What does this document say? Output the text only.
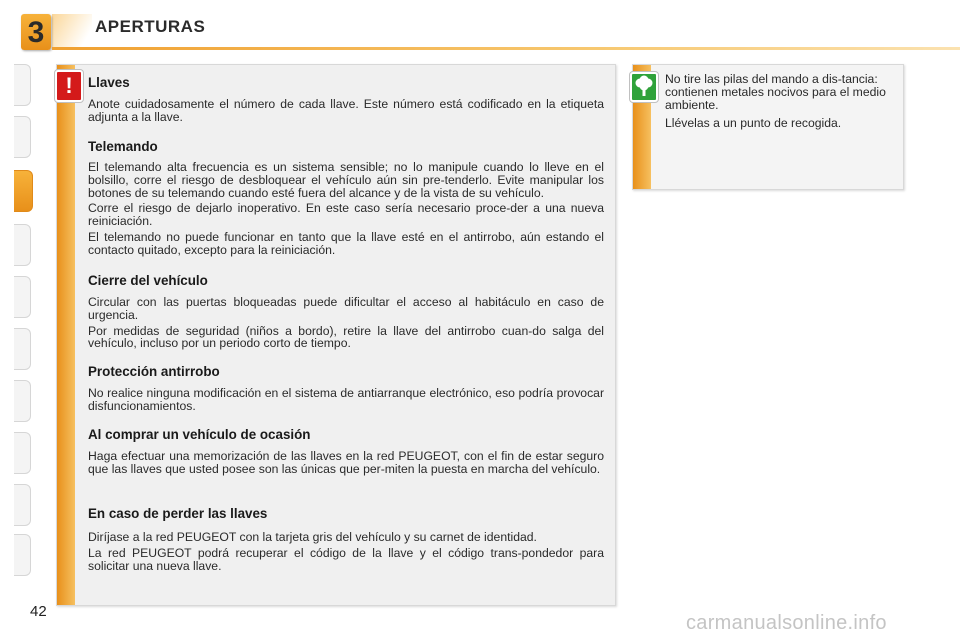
3	APERTURAS
!	Llaves

Anote cuidadosamente el número de cada llave. Este número está codificado en la etiqueta adjunta a la llave.

Telemando

El telemando alta frecuencia es un sistema sensible; no lo manipule cuando lo lleve en el bolsillo, corre el riesgo de desbloquear el vehículo aún sin pre-tenderlo. Evite manipular los botones de su telemando cuando esté fuera del alcance y de la vista de su vehículo.

Corre el riesgo de dejarlo inoperativo. En este caso sería necesario proce-der a una nueva reiniciación.

El telemando no puede funcionar en tanto que la llave esté en el antirrobo, aún estando el contacto quitado, excepto para la reiniciación.

Cierre del vehículo

Circular con las puertas bloqueadas puede dificultar el acceso al habitáculo en caso de urgencia.

Por medidas de seguridad (niños a bordo), retire la llave del antirrobo cuan-do salga del vehículo, incluso por un periodo corto de tiempo.

Protección antirrobo

No realice ninguna modificación en el sistema de antiarranque electrónico, eso podría provocar disfuncionamientos.

Al comprar un vehículo de ocasión

Haga efectuar una memorización de las llaves en la red PEUGEOT, con el fin de estar seguro que las llaves que usted posee son las únicas que per-miten la puesta en marcha del vehículo.

En caso de perder las llaves

Diríjase a la red PEUGEOT con la tarjeta gris del vehículo y su carnet de identidad.

La red PEUGEOT podrá recuperar el código de la llave y el código trans-pondedor para solicitar una nueva llave.

No tire las pilas del mando a dis-tancia: contienen metales nocivos para el medio ambiente.

Llévelas a un punto de recogida.

42
carmanualsonline.info
